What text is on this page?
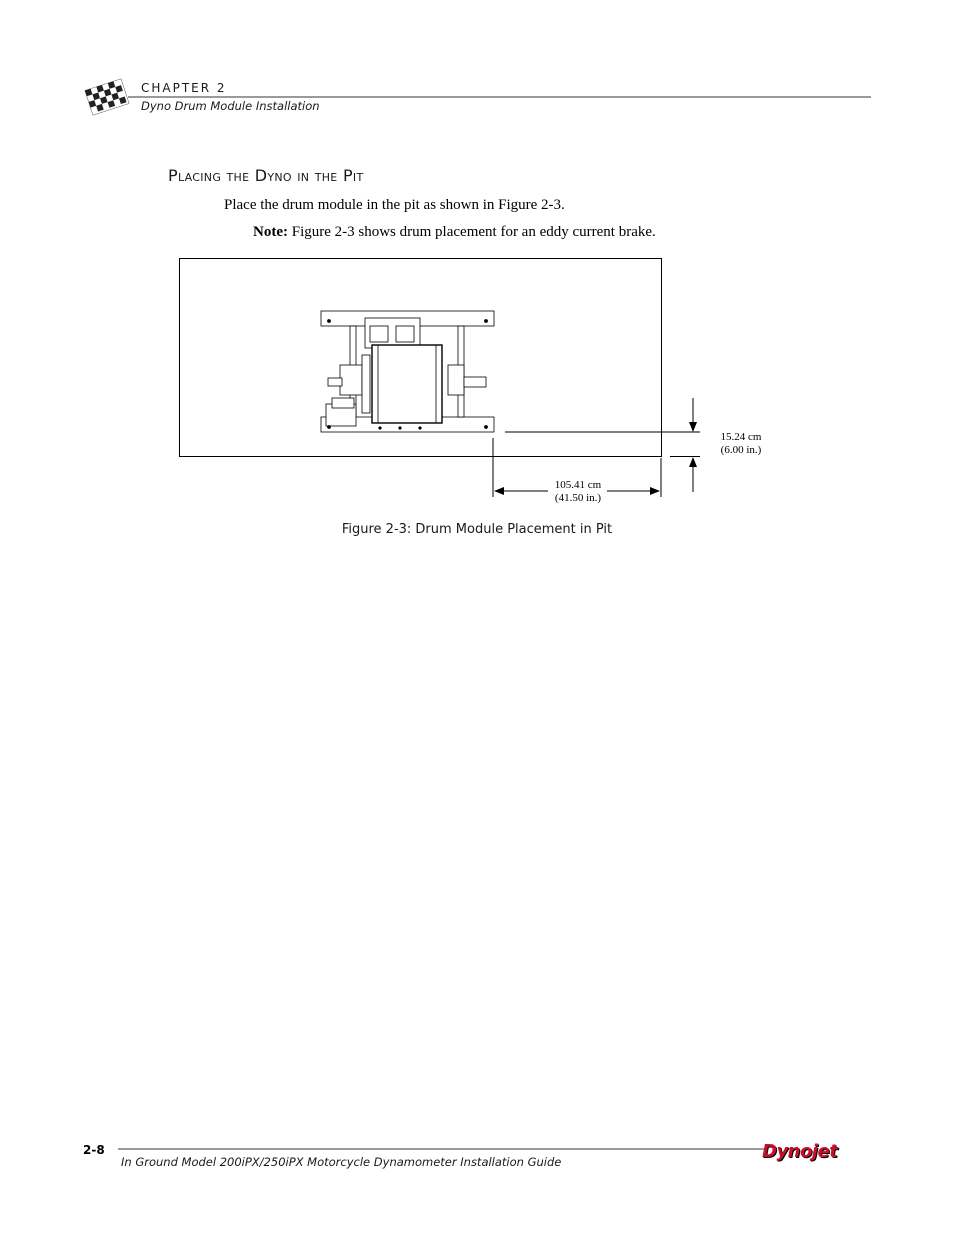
CHAPTER 2
Dyno Drum Module Installation
Placing the Dyno in the Pit
Place the drum module in the pit as shown in Figure 2-3.
Note: Figure 2-3 shows drum placement for an eddy current brake.
15.24 cm
(6.00 in.)
105.41 cm
(41.50 in.)
Figure 2-3: Drum Module Placement in Pit
2-8	Dynojet
In Ground Model 200iPX/250iPX Motorcycle Dynamometer Installation Guide
